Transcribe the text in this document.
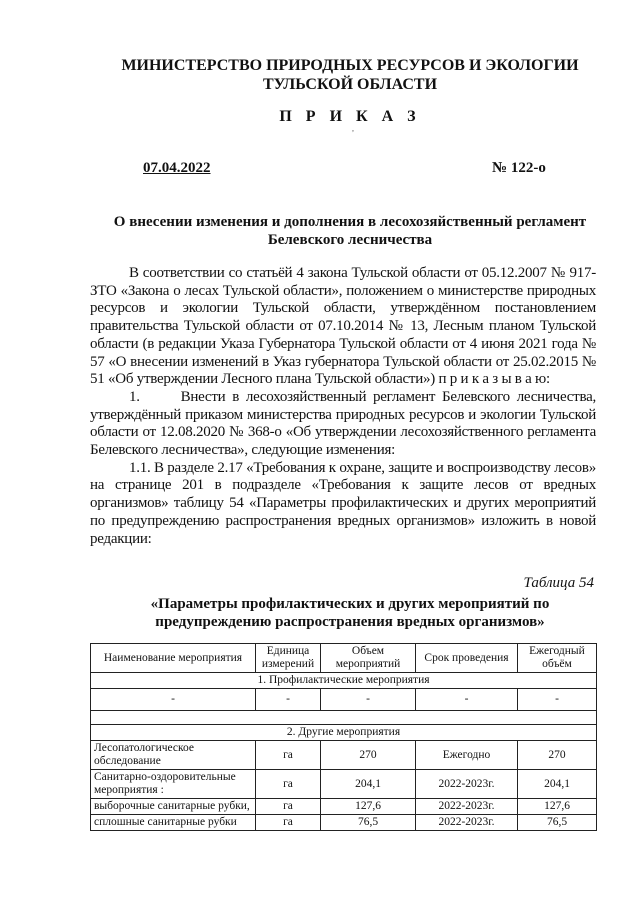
МИНИСТЕРСТВО ПРИРОДНЫХ РЕСУРСОВ И ЭКОЛОГИИ
ТУЛЬСКОЙ ОБЛАСТИ
П Р И К А З
,
07.04.2022	№ 122-о
О внесении изменения и дополнения в лесохозяйственный регламент
Белевского лесничества

В соответствии со статьёй 4 закона Тульской области от 05.12.2007 № 917-ЗТО «Закона о лесах Тульской области», положением о министерстве природных ресурсов и экологии Тульской области, утверждённом постановлением правительства Тульской области от 07.10.2014 № 13, Лесным планом Тульской области (в редакции Указа Губернатора Тульской области от 4 июня 2021 года № 57 «О внесении изменений в Указ губернатора Тульской области от 25.02.2015 № 51 «Об утверждении Лесного плана Тульской области») п р и к а з ы в а ю:

1.	Внести в лесохозяйственный регламент Белевского лесничества, утверждённый приказом министерства природных ресурсов и экологии Тульской области от 12.08.2020 № 368-о «Об утверждении лесохозяйственного регламента Белевского лесничества», следующие изменения:

1.1. В разделе 2.17 «Требования к охране, защите и воспроизводству лесов» на странице 201 в подразделе «Требования к защите лесов от вредных организмов» таблицу 54 «Параметры профилактических и других мероприятий по предупреждению распространения вредных организмов» изложить в новой редакции:

Таблица 54
«Параметры профилактических и других мероприятий по
предупреждению распространения вредных организмов»
Наименование мероприятия	Единица измерений	Объем мероприятий	Срок проведения	Ежегодный объём
1. Профилактические мероприятия				
-	-	-	-	-

2. Другие мероприятия				
Лесопатологическое обследование	га	270	Ежегодно	270
Санитарно-оздоровительные мероприятия :	га	204,1	2022-2023г.	204,1
выборочные санитарные рубки,	га	127,6	2022-2023г.	127,6
сплошные санитарные рубки	га	76,5	2022-2023г.	76,5
